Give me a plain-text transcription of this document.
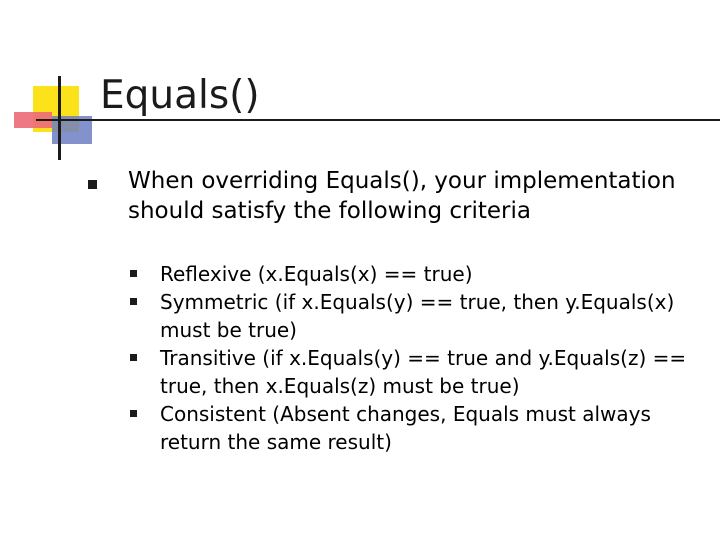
Equals()
When overriding Equals(), your implementation should satisfy the following criteria
Reflexive (x.Equals(x) == true)
Symmetric (if x.Equals(y) == true, then y.Equals(x) must be true)
Transitive (if x.Equals(y) == true and y.Equals(z) == true, then x.Equals(z) must be true)
Consistent (Absent changes, Equals must always return the same result)
